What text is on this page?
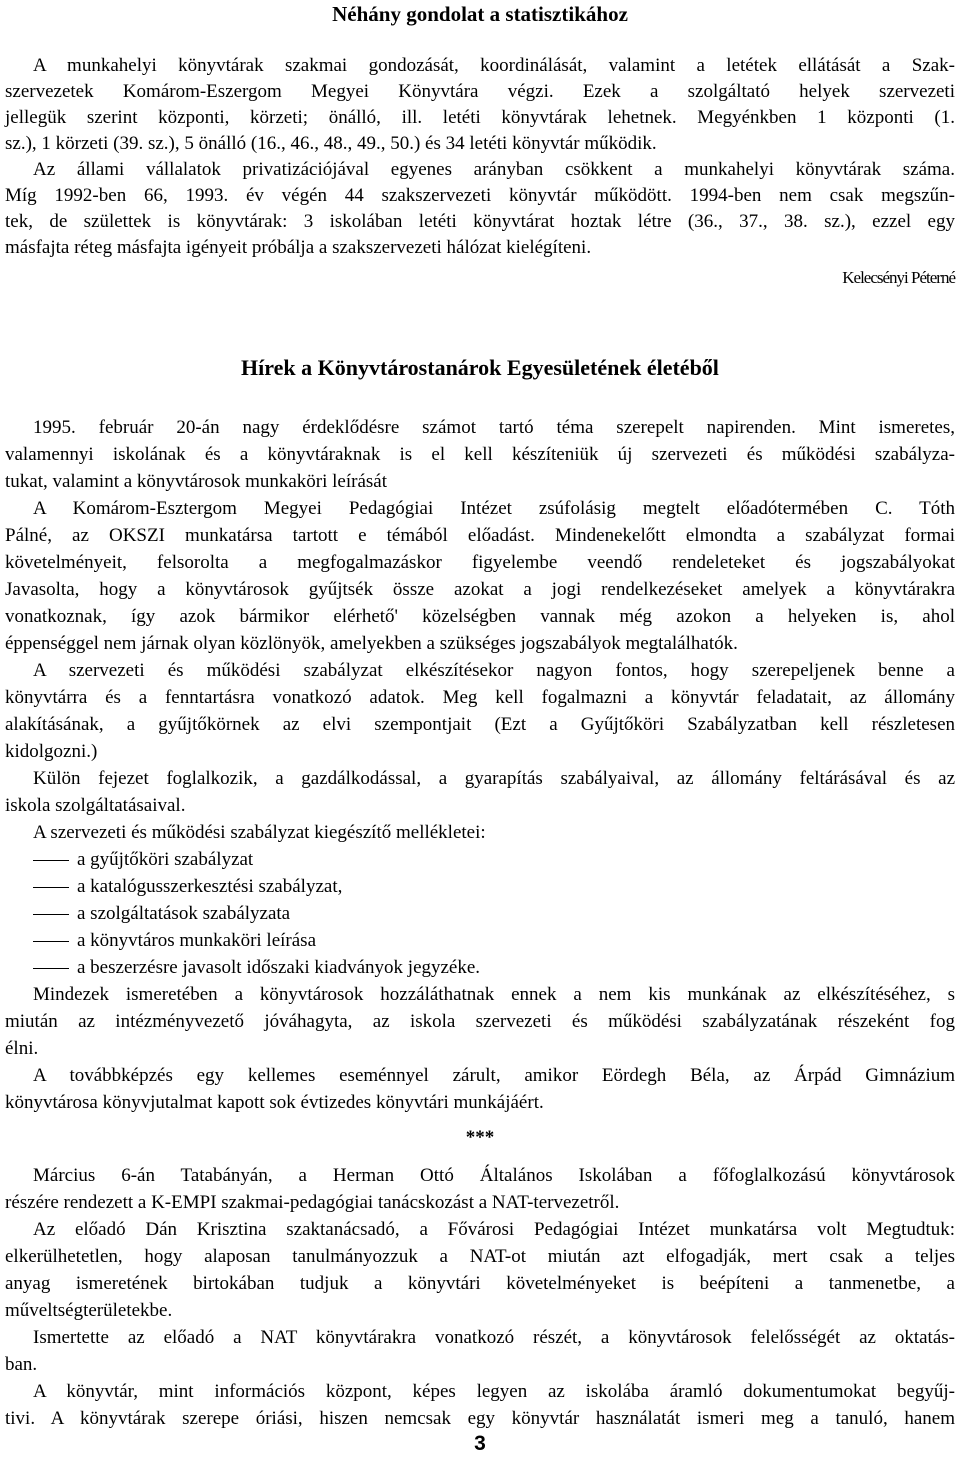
Néhány gondolat a statisztikához
A munkahelyi könyvtárak szakmai gondozását, koordinálását, valamint a letétek ellátását a Szak-
szervezetek Komárom-Eszergom Megyei Könyvtára végzi. Ezek a szolgáltató helyek szervezeti
jellegük szerint központi, körzeti; önálló, ill. letéti könyvtárak lehetnek. Megyénkben 1 központi (1.
sz.), 1 körzeti (39. sz.), 5 önálló (16., 46., 48., 49., 50.) és 34 letéti könyvtár működik.
Az állami vállalatok privatizációjával egyenes arányban csökkent a munkahelyi könyvtárak száma.
Míg 1992-ben 66, 1993. év végén 44 szakszervezeti könyvtár működött. 1994-ben nem csak megszűn-
tek, de születtek is könyvtárak: 3 iskolában letéti könyvtárat hoztak létre (36., 37., 38. sz.), ezzel egy
másfajta réteg másfajta igényeit próbálja a szakszervezeti hálózat kielégíteni.
Kelecsényi Péterné
Hírek a Könyvtárostanárok Egyesületének életéből
1995. február 20-án nagy érdeklődésre számot tartó téma szerepelt napirenden. Mint ismeretes,
valamennyi iskolának és a könyvtáraknak is el kell készíteniük új szervezeti és működési szabályza-
tukat, valamint a könyvtárosok munkaköri leírását
A Komárom-Esztergom Megyei Pedagógiai Intézet zsúfolásig megtelt előadótermében C. Tóth
Pálné, az OKSZI munkatársa tartott e témából előadást. Mindenekelőtt elmondta a szabályzat formai
követelményeit, felsorolta a megfogalmazáskor figyelembe veendő rendeleteket és jogszabályokat
Javasolta, hogy a könyvtárosok gyűjtsék össze azokat a jogi rendelkezéseket amelyek a könyvtárakra
vonatkoznak, így azok bármikor elérhető' közelségben vannak még azokon a helyeken is, ahol
éppenséggel nem járnak olyan közlönyök, amelyekben a szükséges jogszabályok megtalálhatók.
A szervezeti és működési szabályzat elkészítésekor nagyon fontos, hogy szerepeljenek benne a
könyvtárra és a fenntartásra vonatkozó adatok. Meg kell fogalmazni a könyvtár feladatait, az állomány
alakításának, a gyűjtőkörnek az elvi szempontjait (Ezt a Gyűjtőköri Szabályzatban kell részletesen
kidolgozni.)
Külön fejezet foglalkozik, a gazdálkodással, a gyarapítás szabályaival, az állomány feltárásával és az
iskola szolgáltatásaival.
A szervezeti és működési szabályzat kiegészítő mellékletei:
a gyűjtőköri szabályzat
a katalógusszerkesztési szabályzat,
a szolgáltatások szabályzata
a könyvtáros munkaköri leírása
a beszerzésre javasolt időszaki kiadványok jegyzéke.
Mindezek ismeretében a könyvtárosok hozzáláthatnak ennek a nem kis munkának az elkészítéséhez, s
miután az intézményvezető jóváhagyta, az iskola szervezeti és működési szabályzatának részeként fog
élni.
A továbbképzés egy kellemes eseménnyel zárult, amikor Eördegh Béla, az Árpád Gimnázium
könyvtárosa könyvjutalmat kapott sok évtizedes könyvtári munkájáért.
***
Március 6-án Tatabányán, a Herman Ottó Általános Iskolában a főfoglalkozású könyvtárosok
részére rendezett a K-EMPI szakmai-pedagógiai tanácskozást a NAT-tervezetről.
Az előadó Dán Krisztina szaktanácsadó, a Fővárosi Pedagógiai Intézet munkatársa volt Megtudtuk:
elkerülhetetlen, hogy alaposan tanulmányozzuk a NAT-ot miután azt elfogadják, mert csak a teljes
anyag ismeretének birtokában tudjuk a könyvtári követelményeket is beépíteni a tanmenetbe, a
műveltségterületekbe.
Ismertette az előadó a NAT könyvtárakra vonatkozó részét, a könyvtárosok felelősségét az oktatás-
ban.
A könyvtár, mint információs központ, képes legyen az iskolába áramló dokumentumokat begyűj-
tivi. A könyvtárak szerepe óriási, hiszen nemcsak egy könyvtár használatát ismeri meg a tanuló, hanem
3
